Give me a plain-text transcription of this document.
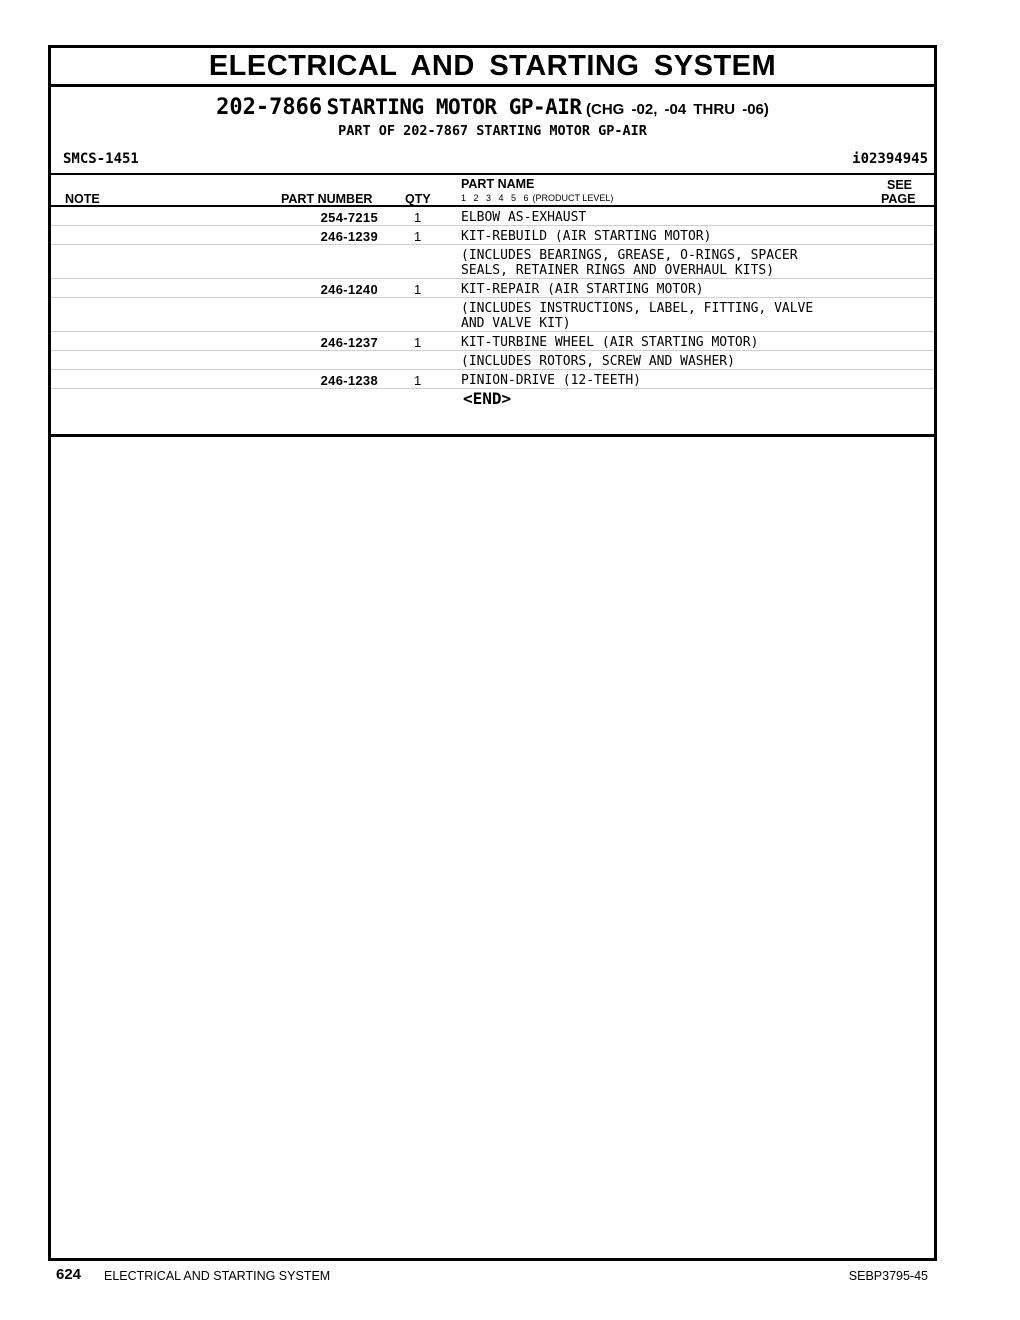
ELECTRICAL AND STARTING SYSTEM
202-7866 STARTING MOTOR GP-AIR (CHG -02, -04 THRU -06)
PART OF 202-7867 STARTING MOTOR GP-AIR
SMCS-1451	i02394945
NOTE	PART NUMBER	QTY
PART NAME
1 2 3 4 5 6 (PRODUCT LEVEL)
SEE
PAGE
254-7215	1	ELBOW AS-EXHAUST
246-1239	1	KIT-REBUILD (AIR STARTING MOTOR)
(INCLUDES BEARINGS, GREASE, O-RINGS, SPACER
SEALS, RETAINER RINGS AND OVERHAUL KITS)
246-1240	1	KIT-REPAIR (AIR STARTING MOTOR)
(INCLUDES INSTRUCTIONS, LABEL, FITTING, VALVE
AND VALVE KIT)
246-1237	1	KIT-TURBINE WHEEL (AIR STARTING MOTOR)
(INCLUDES ROTORS, SCREW AND WASHER)
246-1238	1	PINION-DRIVE (12-TEETH)
<END>
624 ELECTRICAL AND STARTING SYSTEM	SEBP3795-45
